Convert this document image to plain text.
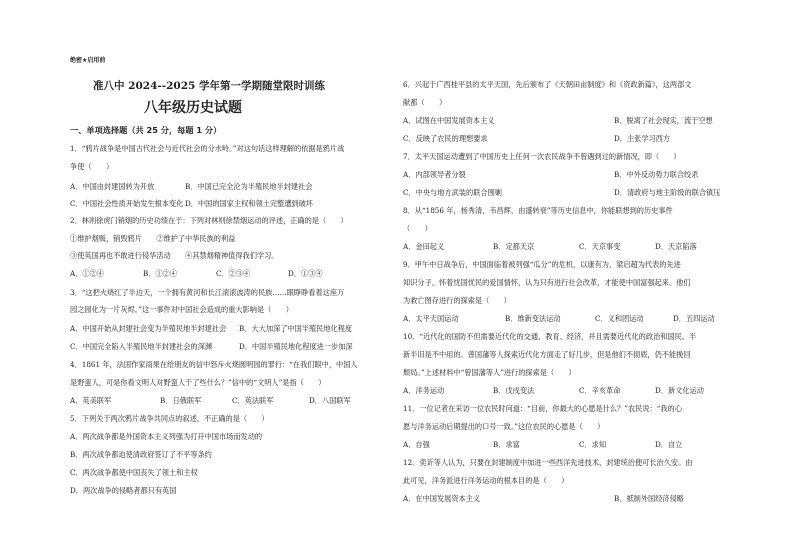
绝密★启用前
准八中 2024--2025 学年第一学期随堂限时训练
八年级历史试题
一、单项选择题（共 25 分，每题 1 分）
1．“鸦片战争是中国古代社会与近代社会的分水岭。”对这句话这样理解的依据是鸦片战
争使（　　）
A．中国由封建国转为开放	B．中国已完全沦为半殖民地半封建社会
C．中国社会性质开始发生根本变化 D．中国的国家主权和领土完整遭到破坏
2．林则徐虎门销烟的历史功绩在于：下列对林则徐禁烟运动的评述，正确的是（　　）
①维护烟贩，销毁鸦片　　②维护了中华民族的利益
③使英国再也不敢进行侵华活动　　④其禁烟精神值得我们学习。
A．①②④	B．①②④	C．②③④	D．①③④
3．“这把火烧红了半边天，一个拥有黄河和长江滚滚波涛的民族……眼睁睁看着这座万
园之园化为一片灰烬。”这一事件对中国社会造成的重大影响是（　　）
A．中国开始从封建社会变为半殖民地半封建社会 B．大大加深了中国半殖民地化程度
C．中国完全陷入半殖民地半封建社会的深渊	D．中国半殖民地化程度进一步加深
4．1861 年，法国作家雨果在给朋友的信中怒斥火烧圆明园的罪行：“在我们眼中，中国人
是野蛮人，可是你看文明人对野蛮人干了些什么？”信中的“文明人”是指（　　）
A．英美联军	B．日俄联军	C．英法联军	D．八国联军
5．下列关于两次鸦片战争共同点的叙述，不正确的是（　　）
A．两次战争都是外国资本主义列强为打开中国市场而发动的
B．两次战争都迫使清政府签订了不平等条约
C．两次战争都使中国丧失了领土和主权
D．两次战争的侵略者都只有英国
6．兴起于广西桂平县的太平天国，先后颁布了《天朝田亩制度》和《资政新篇》，这两部文
献都（　　）
A．试图在中国发展资本主义	B．脱离了社会现实，流于空想
C．反映了农民的理想要求	D．主张学习西方
7．太平天国运动遭到了中国历史上任何一次农民战争不曾遇到过的新情况，即（　　）
A．内部领导者分裂	B．中外反动势力联合绞杀
C．中央与地方武装的联合围剿	D．清政府与地主阶级的联合镇压
8．从“1856 年，杨秀清，韦昌辉，由盛转衰”等历史信息中，你能联想到的历史事件
（　　）
A．金田起义	B．定都天京	C．天京事变	D．天京陷落
9．甲午中日战争后，中国面临着被列强“瓜分”的危机，以康有为、梁启超为代表的先进
知识分子，怀着忧国忧民的爱国情怀，认为只有进行社会改革，才能使中国富强起来。他们
为救亡图存进行的探索是（　　）
A．太平天国运动	B．维新变法运动	C．义和团运动	D．五四运动
10．“近代化的国防不但需要近代化的交通、教育、经济，并且需要近代化的政治和国民。半
新半旧是不中用的。曾国藩等人探索近代化方面走了好几步，但是他们不彻底，仍不能挽回
颓局。”上述材料中“曾国藩等人”进行的探索是（　　）
A．洋务运动	B．戊戌变法	C．辛亥革命	D．新文化运动
11．一位记者在采访一位农民时问道：“目前，你最大的心愿是什么？”农民说：“我的心
愿与洋务运动后期提出的口号一致。”这位农民的心愿是（　　）
A．自强	B．求富	C．求知	D．自立
12．奕䜣等人认为，只要在封建制度中加进一些西洋先进技术，封建统治便可长治久安。由
此可见，洋务派进行洋务运动的根本目的是（　　）
A．在中国发展资本主义	B．抵制外国经济侵略
